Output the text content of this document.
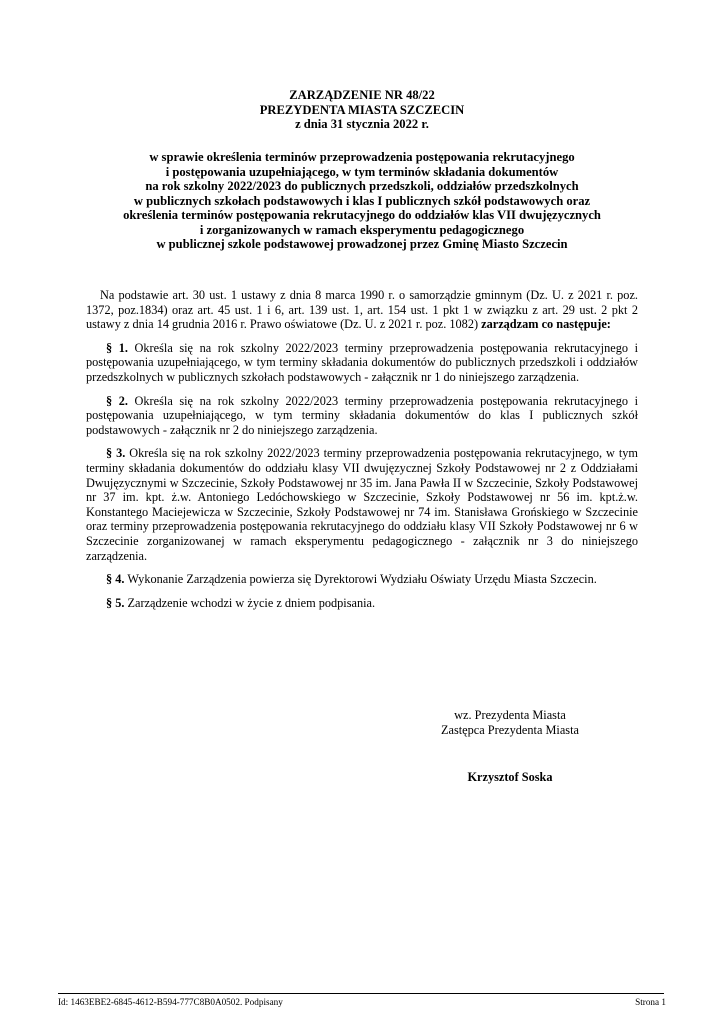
ZARZĄDZENIE NR 48/22
PREZYDENTA MIASTA SZCZECIN
z dnia 31 stycznia 2022 r.
w sprawie określenia terminów przeprowadzenia postępowania rekrutacyjnego
i postępowania uzupełniającego, w tym terminów składania dokumentów
na rok szkolny 2022/2023 do publicznych przedszkoli, oddziałów przedszkolnych
w publicznych szkołach podstawowych i klas I publicznych szkół podstawowych oraz
określenia terminów postępowania rekrutacyjnego do oddziałów klas VII dwujęzycznych
i zorganizowanych w ramach eksperymentu pedagogicznego
w publicznej szkole podstawowej prowadzonej przez Gminę Miasto Szczecin

Na podstawie art. 30 ust. 1 ustawy z dnia 8 marca 1990 r. o samorządzie gminnym (Dz. U. z 2021 r. poz. 1372, poz.1834) oraz art. 45 ust. 1 i 6, art. 139 ust. 1, art. 154 ust. 1 pkt 1 w związku z art. 29 ust. 2 pkt 2 ustawy z dnia 14 grudnia 2016 r. Prawo oświatowe (Dz. U. z 2021 r. poz. 1082) zarządzam co następuje:

§ 1. Określa się na rok szkolny 2022/2023 terminy przeprowadzenia postępowania rekrutacyjnego i postępowania uzupełniającego, w tym terminy składania dokumentów do publicznych przedszkoli i oddziałów przedszkolnych w publicznych szkołach podstawowych - załącznik nr 1 do niniejszego zarządzenia.

§ 2. Określa się na rok szkolny 2022/2023 terminy przeprowadzenia postępowania rekrutacyjnego i postępowania uzupełniającego, w tym terminy składania dokumentów do klas I publicznych szkół podstawowych - załącznik nr 2 do niniejszego zarządzenia.

§ 3. Określa się na rok szkolny 2022/2023 terminy przeprowadzenia postępowania rekrutacyjnego, w tym terminy składania dokumentów do oddziału klasy VII dwujęzycznej Szkoły Podstawowej nr 2 z Oddziałami Dwujęzycznymi w Szczecinie, Szkoły Podstawowej nr 35 im. Jana Pawła II w Szczecinie, Szkoły Podstawowej nr 37 im. kpt. ż.w. Antoniego Ledóchowskiego w Szczecinie, Szkoły Podstawowej nr 56 im. kpt.ż.w. Konstantego Maciejewicza w Szczecinie, Szkoły Podstawowej nr 74 im. Stanisława Grońskiego w Szczecinie oraz terminy przeprowadzenia postępowania rekrutacyjnego do oddziału klasy VII Szkoły Podstawowej nr 6 w Szczecinie zorganizowanej w ramach eksperymentu pedagogicznego - załącznik nr 3 do niniejszego zarządzenia.

§ 4. Wykonanie Zarządzenia powierza się Dyrektorowi Wydziału Oświaty Urzędu Miasta Szczecin.

§ 5. Zarządzenie wchodzi w życie z dniem podpisania.

wz. Prezydenta Miasta
Zastępca Prezydenta Miasta
Krzysztof Soska
Id: 1463EBE2-6845-4612-B594-777C8B0A0502. Podpisany	Strona 1
